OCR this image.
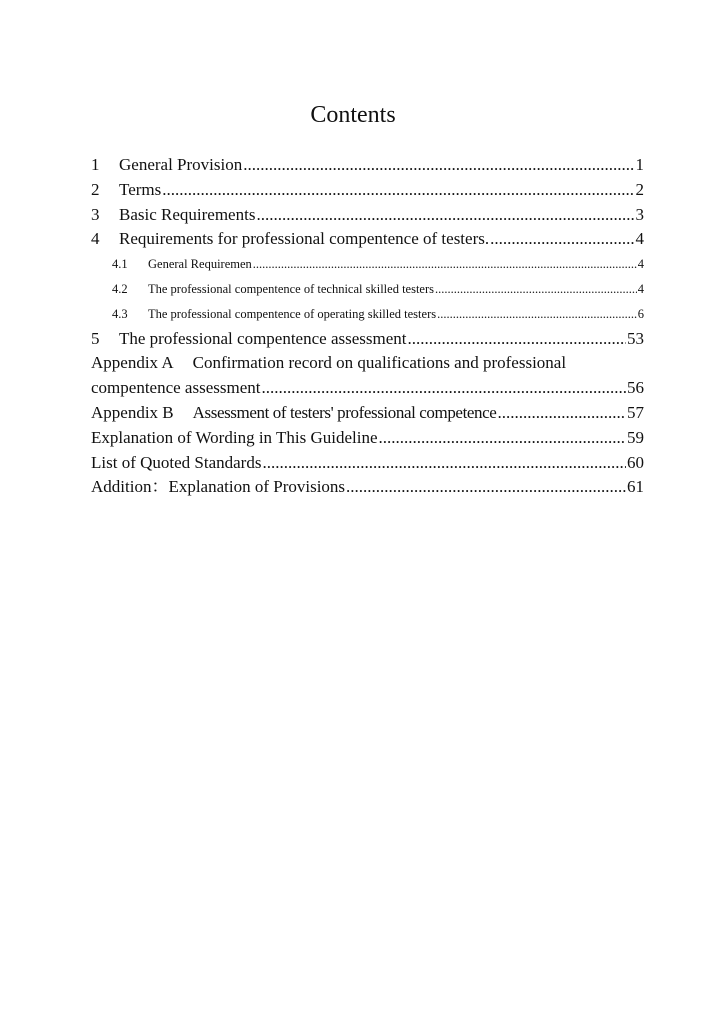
Contents
1	General Provision .....	1
2	Terms .....	2
3	Basic Requirements .....	3
4	Requirements for professional compentence of testers. .....	4
4.1	General Requiremen .....	4
4.2	The professional compentence of technical skilled testers .....	4
4.3	The professional compentence of operating skilled testers .....	6
5	The professional compentence assessment .....	53
Appendix A Confirmation record on qualifications and professional
compentence assessment .....	56
Appendix B Assessment of testers' professional competence .....	57
Explanation of Wording in This Guideline .....	59
List of Quoted Standards .....	60
Addition：Explanation of Provisions .....	61
